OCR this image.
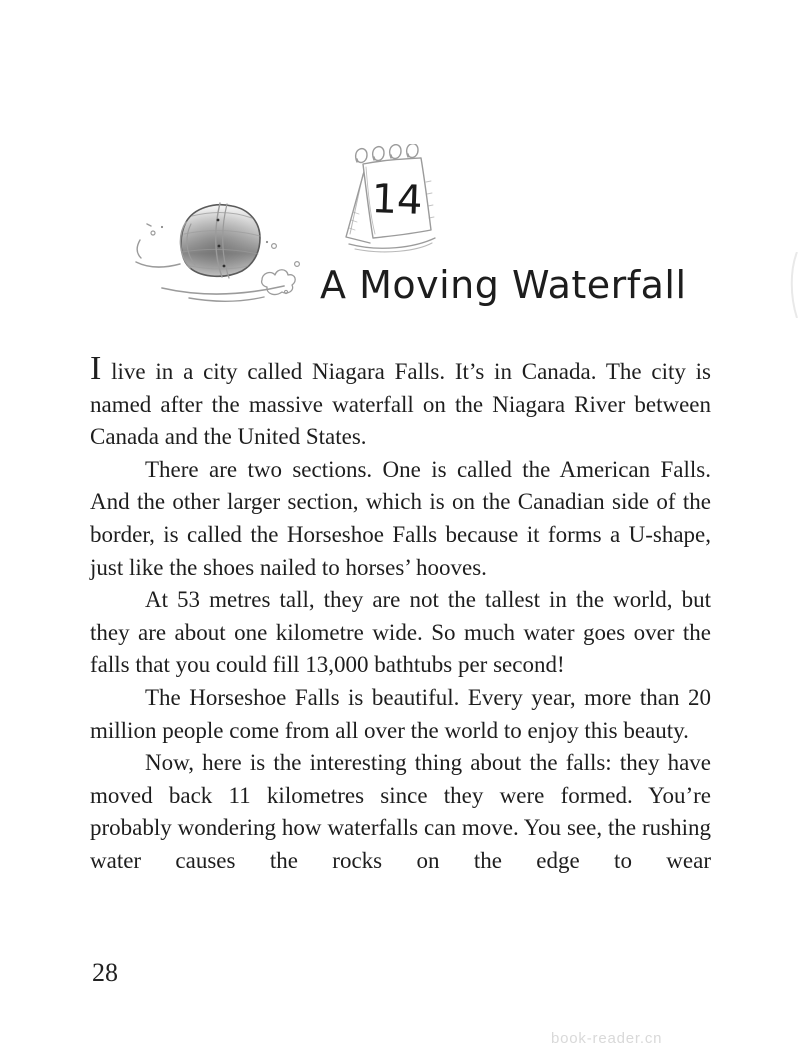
14
A Moving Waterfall

I live in a city called Niagara Falls. It’s in Canada. The city is named after the massive waterfall on the Niagara River between Canada and the United States.

There are two sections. One is called the American Falls. And the other larger section, which is on the Canadian side of the border, is called the Horseshoe Falls because it forms a U-shape, just like the shoes nailed to horses’ hooves.

At 53 metres tall, they are not the tallest in the world, but they are about one kilometre wide. So much water goes over the falls that you could fill 13,000 bathtubs per second!

The Horseshoe Falls is beautiful. Every year, more than 20 million people come from all over the world to enjoy this beauty.

Now, here is the interesting thing about the falls: they have moved back 11 kilometres since they were formed. You’re probably wondering how waterfalls can move. You see, the rushing water causes the rocks on the edge to wear

28
book-reader.cn
